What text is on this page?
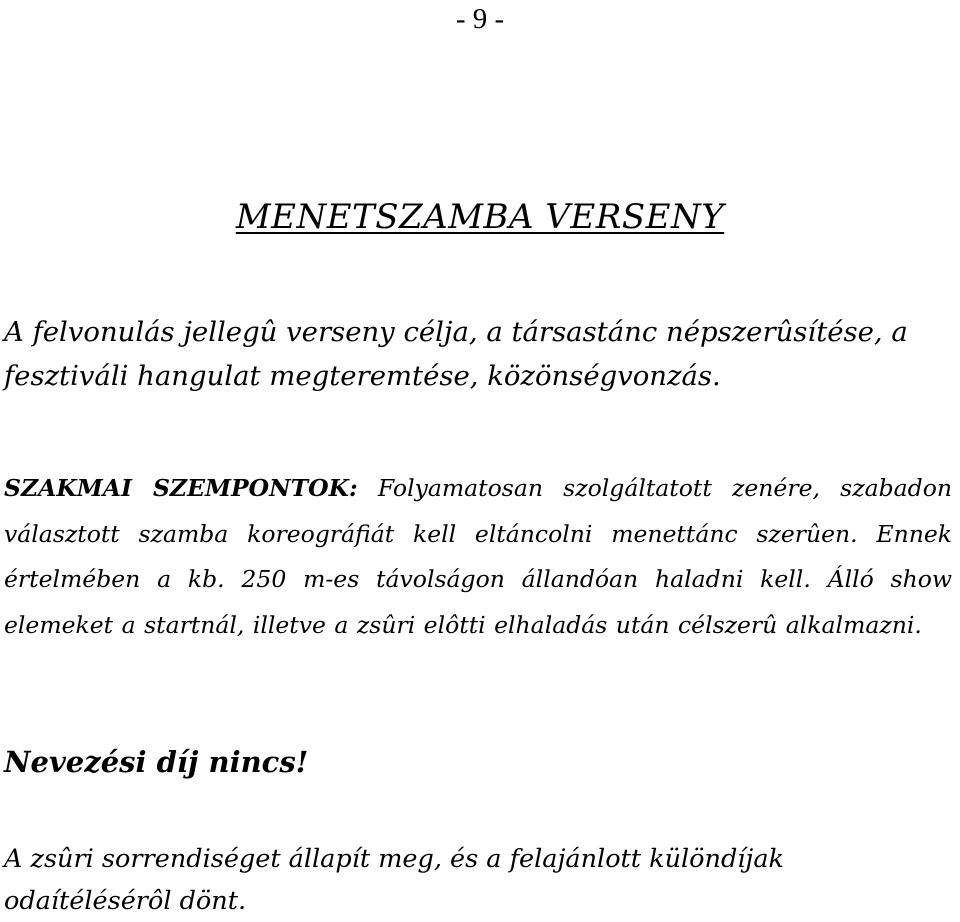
- 9 -
MENETSZAMBA VERSENY
A felvonulás jellegû verseny célja, a társastánc népszerûsítése, a fesztiváli hangulat megteremtése, közönségvonzás.
SZAKMAI SZEMPONTOK: Folyamatosan szolgáltatott zenére, szabadon választott szamba koreográfiát kell eltáncolni menettánc szerûen. Ennek értelmében a kb. 250 m-es távolságon állandóan haladni kell. Álló show elemeket a startnál, illetve a zsûri elôtti elhaladás után célszerû alkalmazni.
Nevezési díj nincs!
A zsûri sorrendiséget állapít meg, és a felajánlott különdíjak odaítélésérôl dönt.
